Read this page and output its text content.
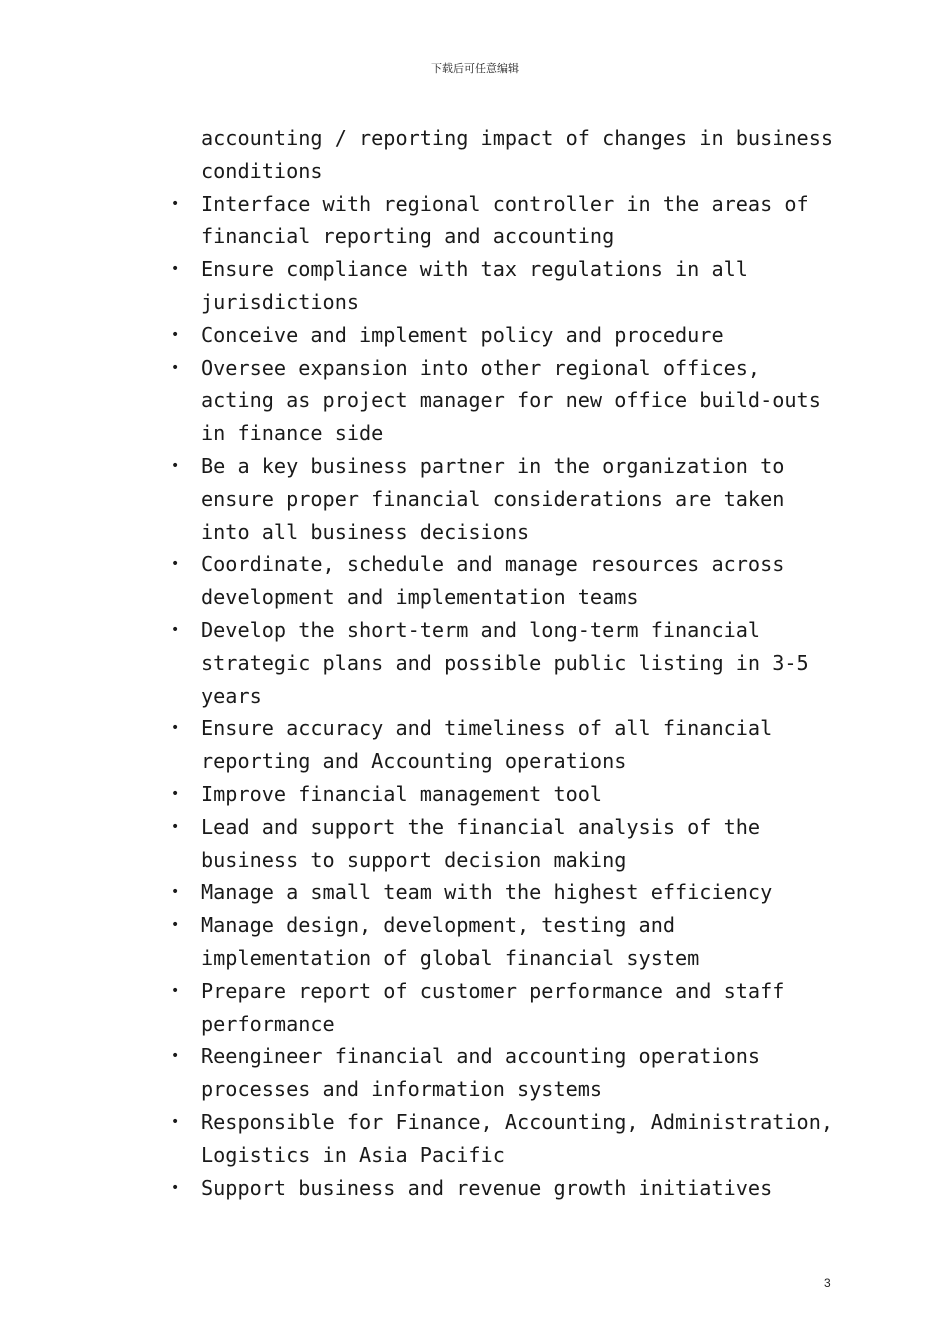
下载后可任意编辑

accounting / reporting impact of changes in business conditions

• Interface with regional controller in the areas of financial reporting and accounting
• Ensure compliance with tax regulations in all jurisdictions
• Conceive and implement policy and procedure
• Oversee expansion into other regional offices, acting as project manager for new office build-outs in finance side
• Be a key business partner in the organization to ensure proper financial considerations are taken into all business decisions
• Coordinate, schedule and manage resources across development and implementation teams
• Develop the short-term and long-term financial strategic plans and possible public listing in 3-5 years
• Ensure accuracy and timeliness of all financial reporting and Accounting operations
• Improve financial management tool
• Lead and support the financial analysis of the business to support decision making
• Manage a small team with the highest efficiency
• Manage design, development, testing and implementation of global financial system
• Prepare report of customer performance and staff performance
• Reengineer financial and accounting operations processes and information systems
• Responsible for Finance, Accounting, Administration, Logistics in Asia Pacific
• Support business and revenue growth initiatives
3
